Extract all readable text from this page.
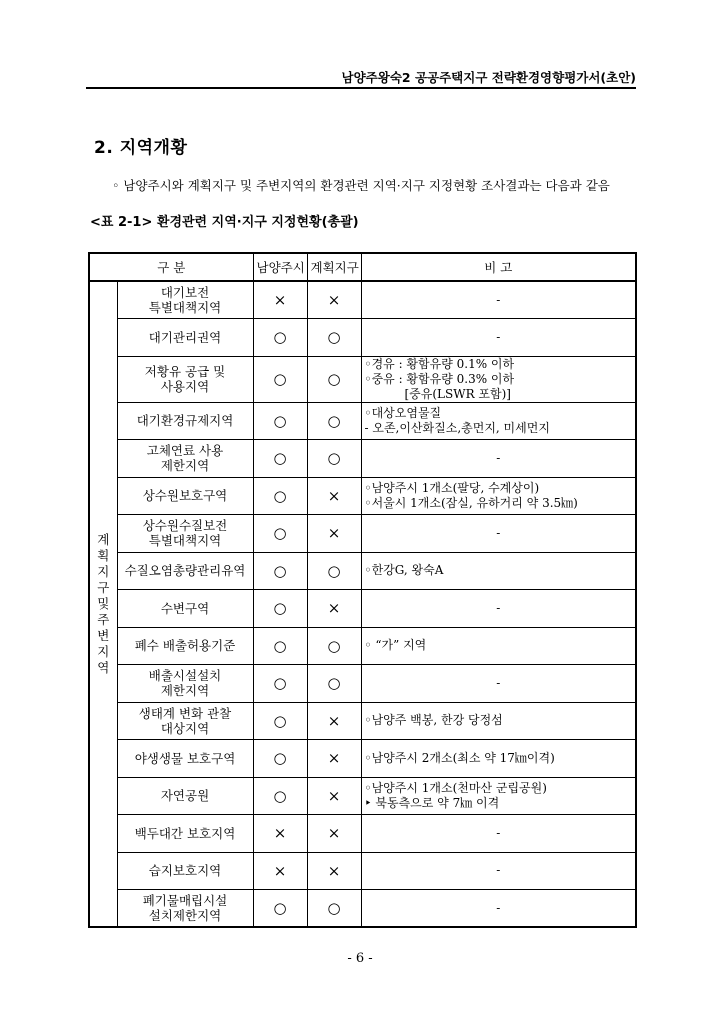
남양주왕숙2 공공주택지구 전략환경영향평가서(초안)
2. 지역개황
◦ 남양주시와 계획지구 및 주변지역의 환경관련 지역·지구 지정현황 조사결과는 다음과 같음
<표 2-1> 환경관련 지역·지구 지정현황(총괄)
구 분		남양주시	계획지구	비 고
계획지구 및 주변지역	대기보전
특별대책지역	×	×	-

	대기관리권역	○	○	-

	저황유 공급 및
사용지역	○	○	◦경유 : 황함유량 0.1% 이하
◦중유 : 황함유량 0.3% 이하
[중유(LSWR 포함)]

	대기환경규제지역	○	○	◦대상오염물질
- 오존,이산화질소,총먼지, 미세먼지

	고체연료 사용
제한지역	○	○	-

	상수원보호구역	○	×	◦남양주시 1개소(팔당, 수계상이)
◦서울시 1개소(잠실, 유하거리 약 3.5㎞)

	상수원수질보전
특별대책지역	○	×	-

	수질오염총량관리유역	○	○	◦한강G, 왕숙A

	수변구역	○	×	-

	폐수 배출허용기준	○	○	◦ “가” 지역

	배출시설설치
제한지역	○	○	-

	생태계 변화 관찰
대상지역	○	×	◦남양주 백봉, 한강 당정섬

	야생생물 보호구역	○	×	◦남양주시 2개소(최소 약 17㎞이격)

	자연공원	○	×	◦남양주시 1개소(천마산 군립공원)
‣ 북동측으로 약 7㎞ 이격

	백두대간 보호지역	×	×	-

	습지보호지역	×	×	-

	폐기물매립시설
설치제한지역	○	○	-
- 6 -
